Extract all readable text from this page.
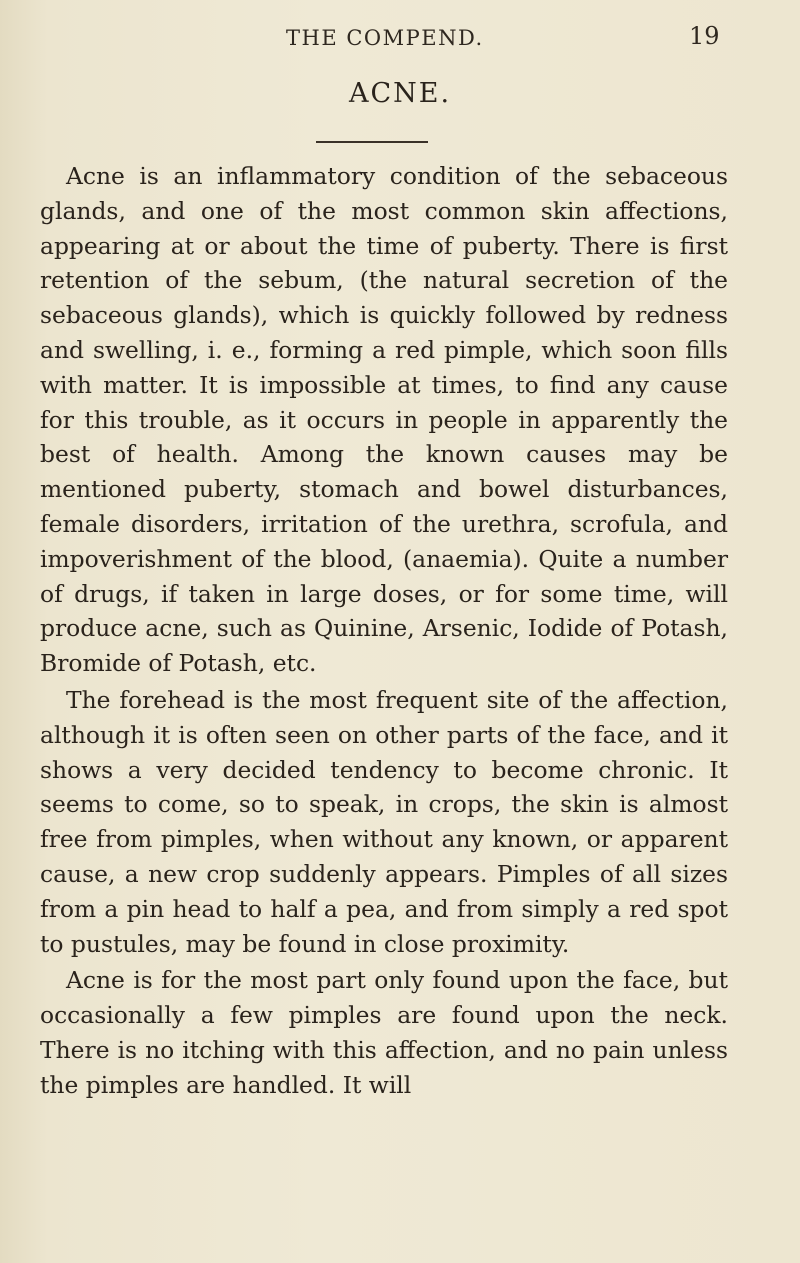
THE COMPEND.	19
ACNE.

Acne is an inflammatory condition of the sebaceous glands, and one of the most common skin affections, appearing at or about the time of puberty. There is first retention of the sebum, (the natural secretion of the sebaceous glands), which is quickly followed by redness and swelling, i. e., forming a red pimple, which soon fills with matter. It is impossible at times, to find any cause for this trouble, as it occurs in people in apparently the best of health. Among the known causes may be mentioned puberty, stomach and bowel disturbances, female disorders, irritation of the urethra, scrofula, and impoverishment of the blood, (anaemia). Quite a number of drugs, if taken in large doses, or for some time, will produce acne, such as Quinine, Arsenic, Iodide of Potash, Bromide of Potash, etc.

The forehead is the most frequent site of the affection, although it is often seen on other parts of the face, and it shows a very decided tendency to become chronic. It seems to come, so to speak, in crops, the skin is almost free from pimples, when without any known, or apparent cause, a new crop suddenly appears. Pimples of all sizes from a pin head to half a pea, and from simply a red spot to pustules, may be found in close proximity.

Acne is for the most part only found upon the face, but occasionally a few pimples are found upon the neck. There is no itching with this affection, and no pain unless the pimples are handled. It will
